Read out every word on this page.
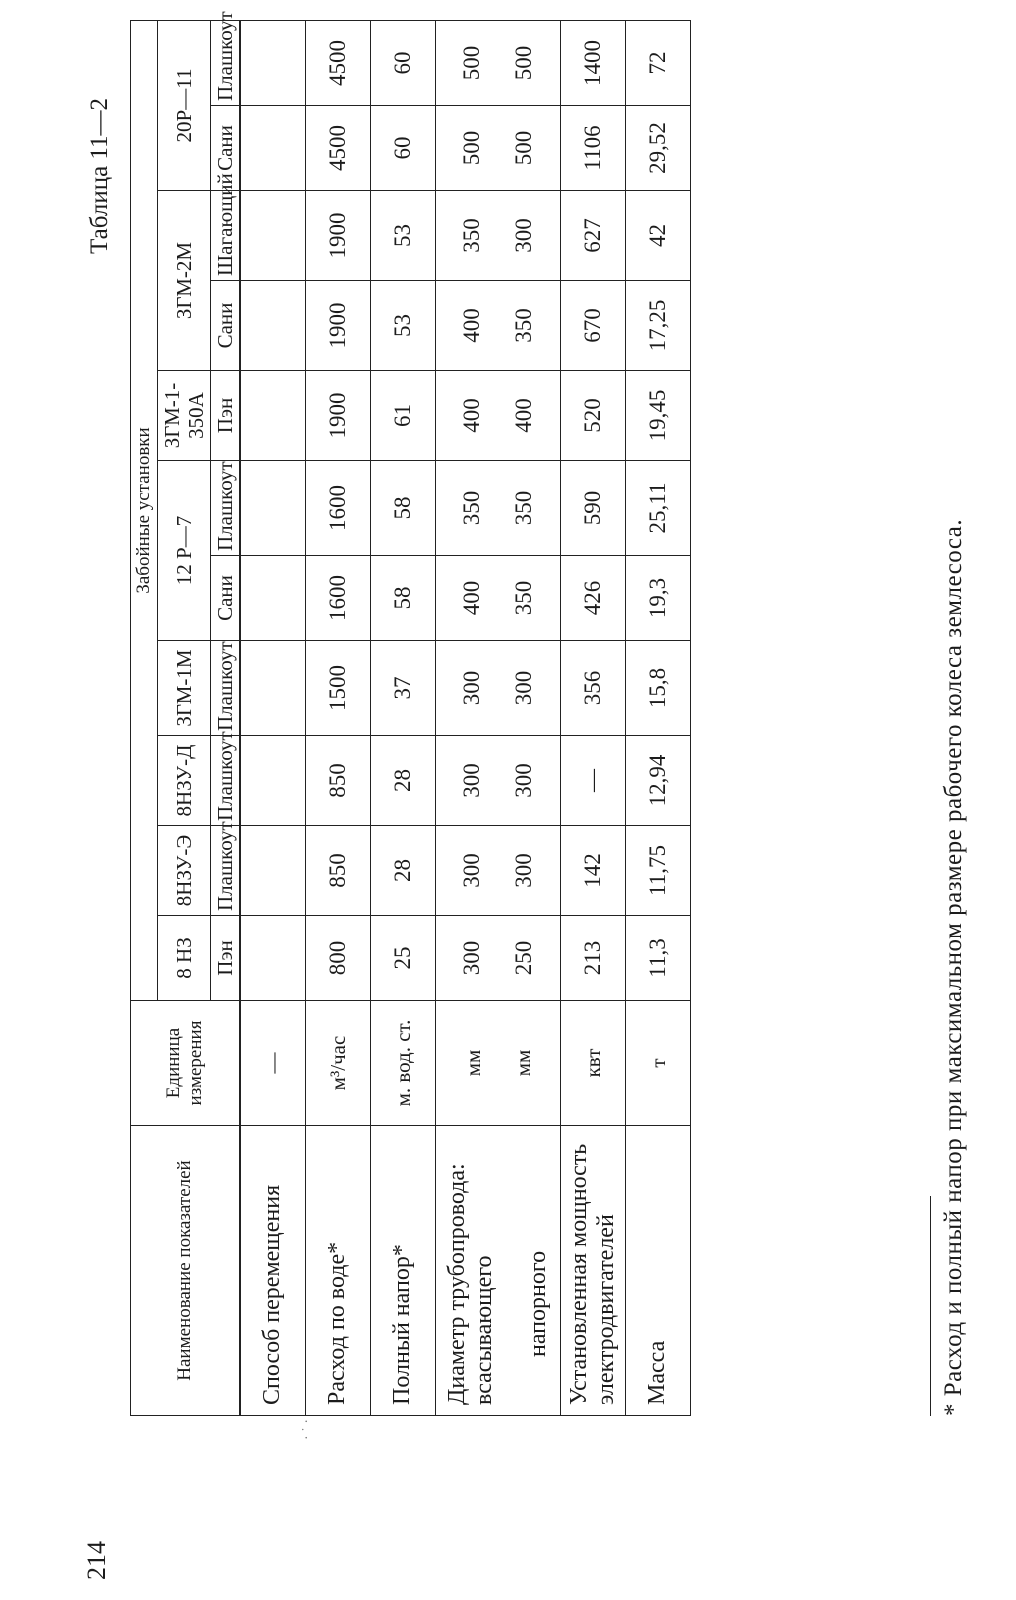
214
Таблица 11—2
· ˙ ·
Наименование показателей	Единица измерения	Забойные установки										
		8 НЗ	8НЗУ-Э	8НЗУ-Д	ЗГМ-1М	12 Р—7		ЗГМ-1-350А	ЗГМ-2М		20Р—11	
		Пэн	Плашкоут	Плашкоут	Плашкоут	Сани	Плашкоут	Пэн	Сани	Шагающий	Сани	Плашкоут
Способ перемещения	—											
Расход по воде*	м³/час	800	850	850	1500	1600	1600	1900	1900	1900	4500	4500
Полный напор*	м. вод. ст.	25	28	28	37	58	58	61	53	53	60	60

Диаметр трубопровода: всасывающего напорного	мм мм	300 250	300 300	300 300	300 300	400 350	350 350	400 400	400 350	350 300	500 500	500 500

Установленная мощность электродвигателей	квт	213	142	—	356	426	590	520	670	627	1106	1400
Масса	т	11,3	11,75	12,94	15,8	19,3	25,11	19,45	17,25	42	29,52	72
* Расход и полный напор при максимальном размере рабочего колеса землесоса.
